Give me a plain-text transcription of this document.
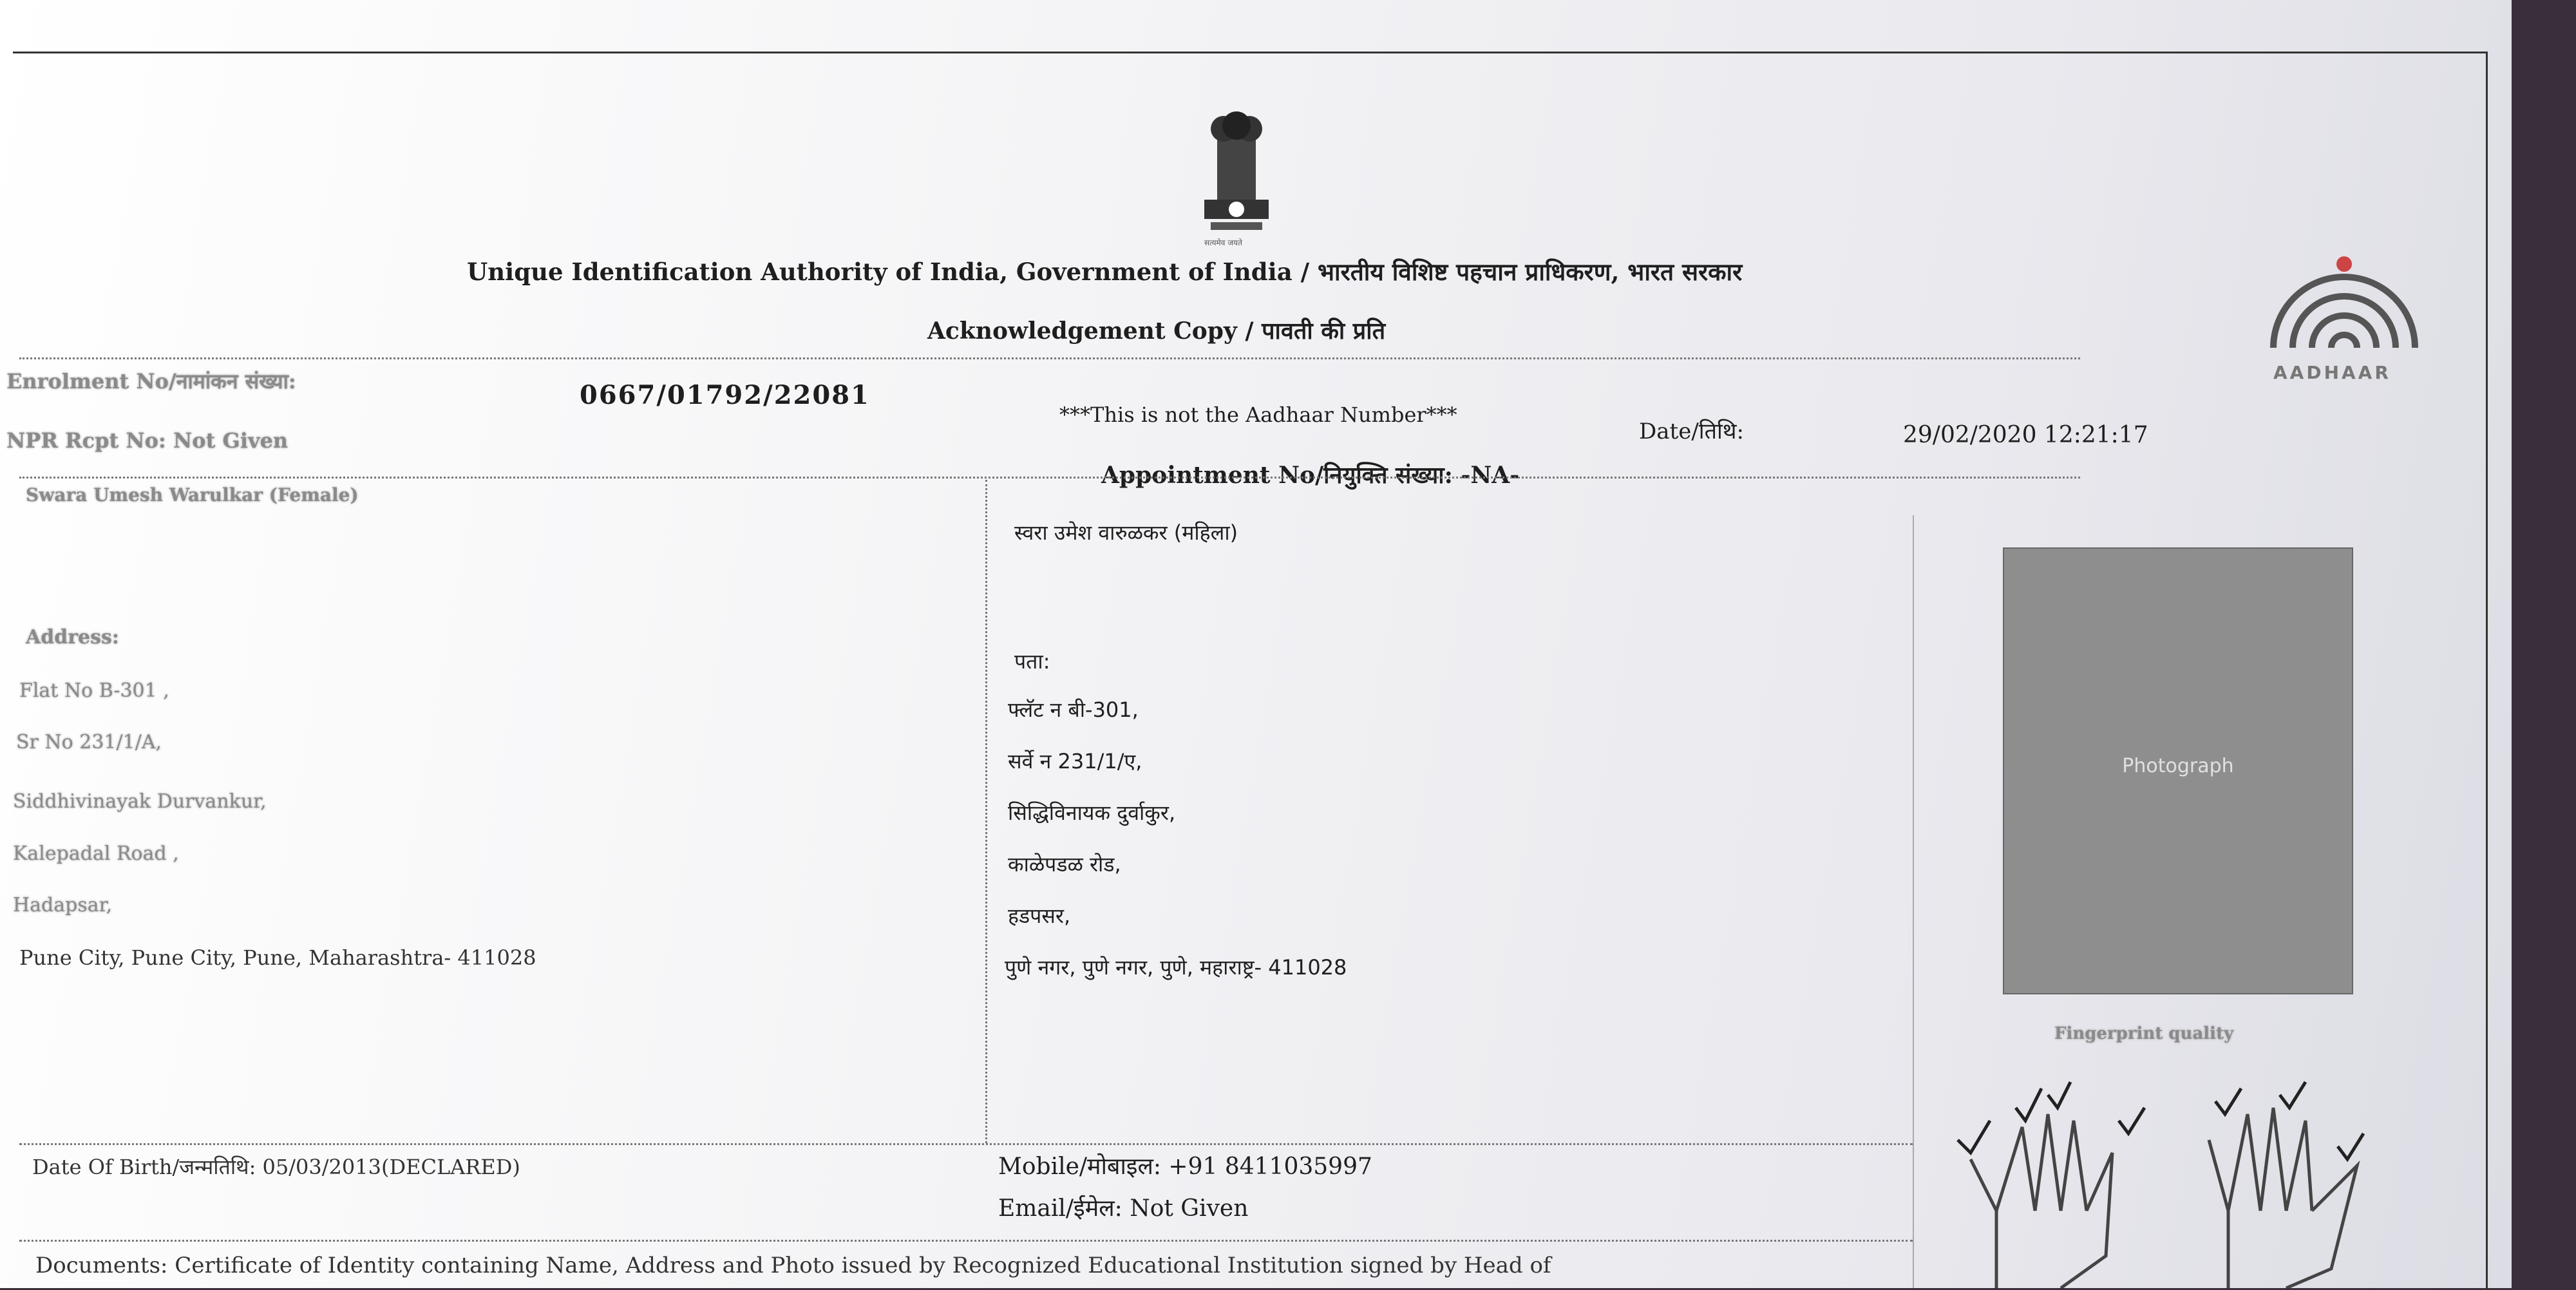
सत्यमेव जयते
Unique Identification Authority of India, Government of India / भारतीय विशिष्ट पहचान प्राधिकरण, भारत सरकार
Acknowledgement Copy / पावती की प्रति
AADHAAR
Enrolment No/नामांकन संख्या:	0667/01792/22081
***This is not the Aadhaar Number***
Date/तिथि:	29/02/2020 12:21:17
NPR Rcpt No: Not Given
Appointment No/नियुक्ति संख्या: -NA-
Swara Umesh Warulkar (Female)
स्वरा उमेश वारुळकर (महिला)
Address:
Flat No B-301 ,
Sr No 231/1/A,
Siddhivinayak Durvankur,
Kalepadal Road ,
Hadapsar,
Pune City, Pune City, Pune, Maharashtra- 411028
पता:
फ्लॅट न बी-301,
सर्वे न 231/1/ए,
सिद्धिविनायक दुर्वाकुर,
काळेपडळ रोड,
हडपसर,
पुणे नगर, पुणे नगर, पुणे, महाराष्ट्र- 411028
Photograph
Date Of Birth/जन्मतिथि: 05/03/2013(DECLARED)	Mobile/मोबाइल: +91 8411035997
Email/ईमेल: Not Given
Documents: Certificate of Identity containing Name, Address and Photo issued by Recognized Educational Institution signed by Head of
Fingerprint quality
